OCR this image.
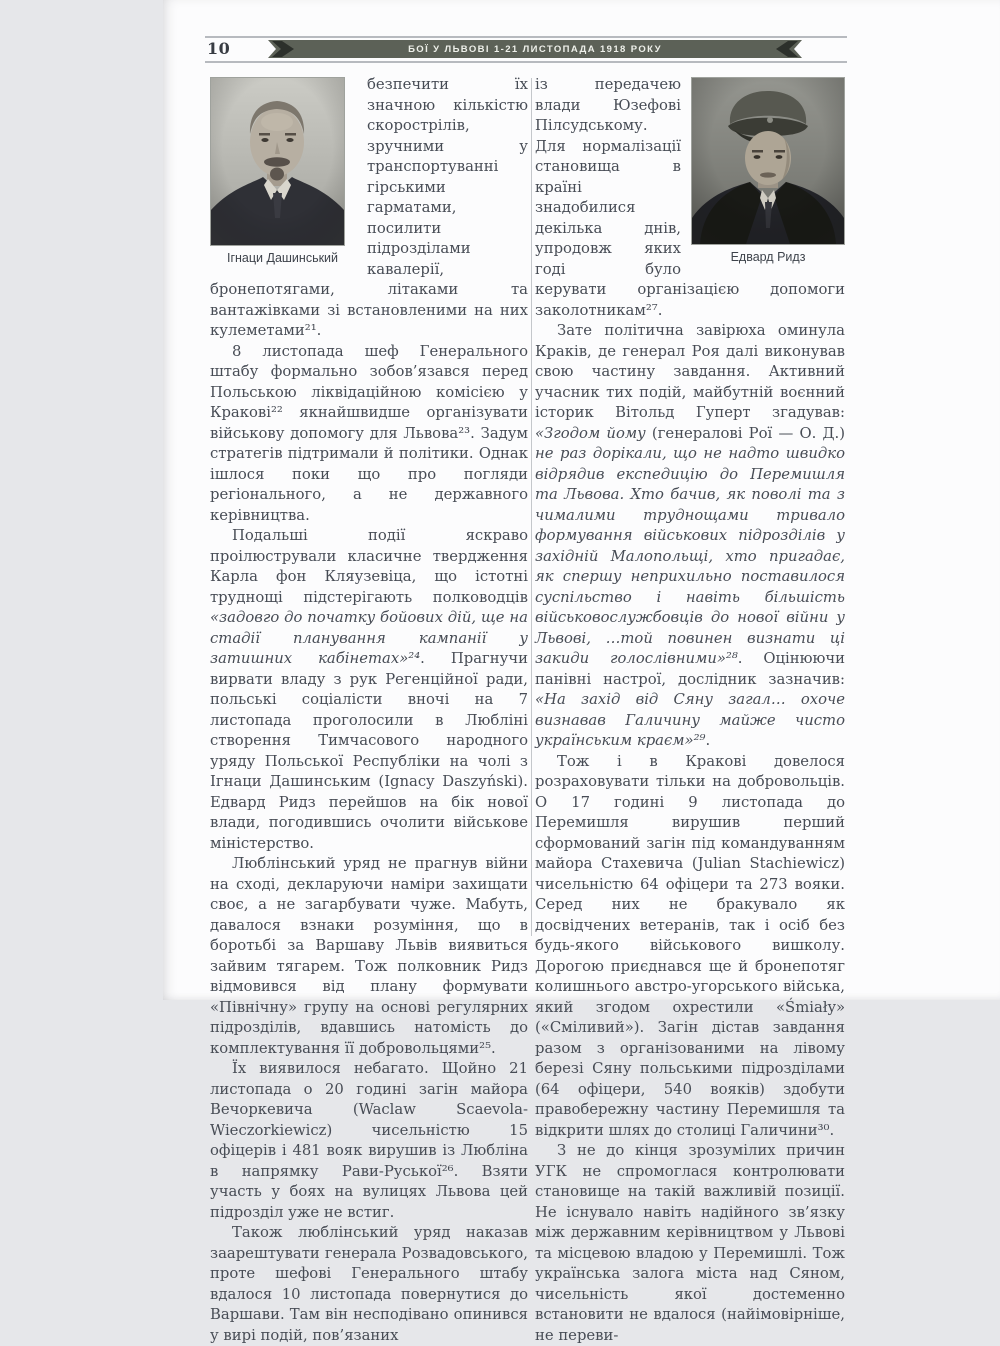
10	БОЇ У ЛЬВОВІ 1-21 ЛИСТОПАДА 1918 РОКУ
Ігнаци Дашинський

безпечити їх значною кількістю скорострілів, зручними у транспортуванні гірськими гарматами, посилити підрозділами кавалерії, бронепотягами, літаками та вантажівками зі встановленими на них кулеметами²¹.

8 листопада шеф Генерального штабу формально зобов’язався перед Польською ліквідаційною комісією у Кракові²² якнайшвидше організувати військову допомогу для Львова²³. Задум стратегів підтримали й політики. Однак ішлося поки що про погляди регіонального, а не державного керівництва.

Подальші події яскраво проілюстрували класичне твердження Карла фон Кляузевіца, що істотні труднощі підстерігають полководців «задовго до початку бойових дій, ще на стадії планування кампанії у затишних кабінетах»²⁴. Прагнучи вирвати владу з рук Регенційної ради, польські соціалісти вночі на 7 листопада проголосили в Любліні створення Тимчасового народного уряду Польської Республіки на чолі з Ігнаци Дашинським (Ignacy Daszyński). Едвард Ридз перейшов на бік нової влади, погодившись очолити військове міністерство.

Люблінський уряд не прагнув війни на сході, декларуючи наміри захищати своє, а не загарбувати чуже. Мабуть, давалося взнаки розуміння, що в боротьбі за Варшаву Львів виявиться зайвим тягарем. Тож полковник Ридз відмовився від плану формувати «Північну» групу на основі регулярних підрозділів, вдавшись натомість до комплектування її добровольцями²⁵.

Їх виявилося небагато. Щойно 21 листопада о 20 годині загін майора Вечоркевича (Waclaw Scaevola-Wieczorkiewicz) чисельністю 15 офіцерів і 481 вояк вирушив із Любліна в напрямку Рави-Руської²⁶. Взяти участь у боях на вулицях Львова цей підрозділ уже не встиг.

Також люблінський уряд наказав заарештувати генерала Розвадовського, проте шефові Генерального штабу вдалося 10 листопада повернутися до Варшави. Там він несподівано опинився у вирі подій, пов’язаних

Едвард Ридз

із передачею влади Юзефові Пілсудському. Для нормалізації становища в країні знадобилися декілька днів, упродовж яких годі було керувати організацією допомоги заколотникам²⁷.

Зате політична завірюха оминула Краків, де генерал Роя далі виконував свою частину завдання. Активний учасник тих подій, майбутній воєнний історик Вітольд Гуперт згадував: «Згодом йому (генералові Рої — О. Д.) не раз дорікали, що не надто швидко відрядив експедицію до Перемишля та Львова. Хто бачив, як поволі та з чималими труднощами тривало формування військових підрозділів у західній Малопольщі, хто пригадає, як спершу неприхильно поставилося суспільство і навіть більшість військовослужбовців до нової війни у Львові, …той повинен визнати ці закиди голослівними»²⁸. Оцінюючи панівні настрої, дослідник зазначив: «На захід від Сяну загал… охоче визнавав Галичину майже чисто українським краєм»²⁹.

Тож і в Кракові довелося розраховувати тільки на добровольців. О 17 годині 9 листопада до Перемишля вирушив перший сформований загін під командуванням майора Стахевича (Julian Stachiewicz) чисельністю 64 офіцери та 273 вояки. Серед них не бракувало як досвідчених ветеранів, так і осіб без будь-якого військового вишколу. Дорогою приєднався ще й бронепотяг колишнього австро-угорського війська, який згодом охрестили «Śmiały» («Сміливий»). Загін дістав завдання разом з організованими на лівому березі Сяну польськими підрозділами (64 офіцери, 540 вояків) здобути правобережну частину Перемишля та відкрити шлях до столиці Галичини³⁰.

З не до кінця зрозумілих причин УГК не спромоглася контролювати становище на такій важливій позиції. Не існувало навіть надійного зв’язку між державним керівництвом у Львові та місцевою владою у Перемишлі. Тож українська залога міста над Сяном, чисельність якої достеменно встановити не вдалося (найімовірніше, не переви-
